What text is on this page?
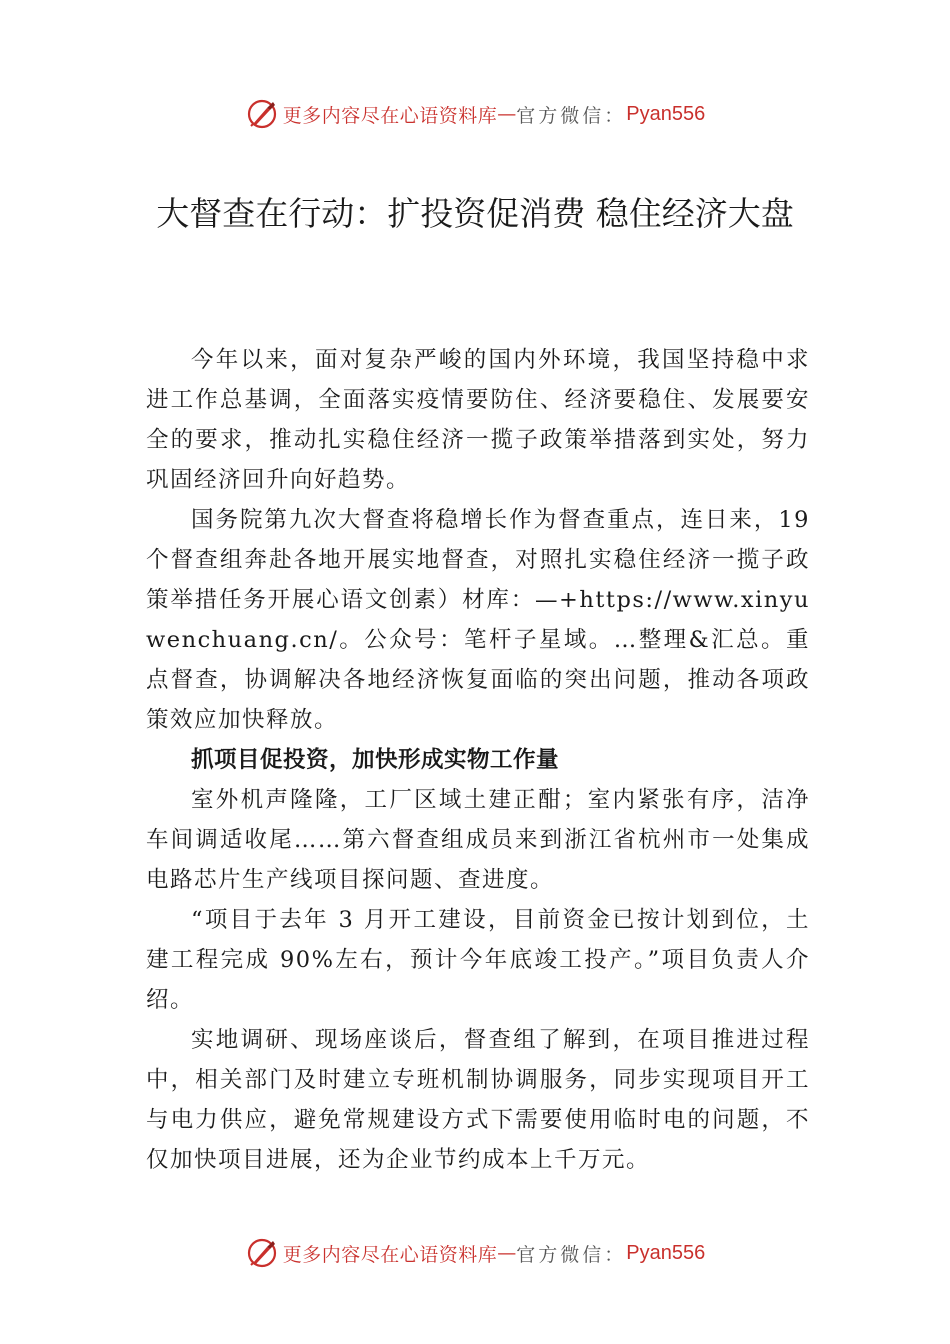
更多内容尽在心语资料库 — 官方微信： Pyan556
大督查在行动：扩投资促消费 稳住经济大盘

今年以来，面对复杂严峻的国内外环境，我国坚持稳中求进工作总基调，全面落实疫情要防住、经济要稳住、发展要安全的要求，推动扎实稳住经济一揽子政策举措落到实处，努力巩固经济回升向好趋势。

国务院第九次大督查将稳增长作为督查重点，连日来，19 个督查组奔赴各地开展实地督查，对照扎实稳住经济一揽子政策举措任务开展心语文创素）材库：—+https://www.xinyuwenchuang.cn/。公众号：笔杆子星域。…整理&汇总。重点督查，协调解决各地经济恢复面临的突出问题，推动各项政策效应加快释放。

抓项目促投资，加快形成实物工作量

室外机声隆隆，工厂区域土建正酣；室内紧张有序，洁净车间调适收尾……第六督查组成员来到浙江省杭州市一处集成电路芯片生产线项目探问题、查进度。

“项目于去年 3 月开工建设，目前资金已按计划到位，土建工程完成 90%左右，预计今年底竣工投产。”项目负责人介绍。

实地调研、现场座谈后，督查组了解到，在项目推进过程中，相关部门及时建立专班机制协调服务，同步实现项目开工与电力供应，避免常规建设方式下需要使用临时电的问题，不仅加快项目进展，还为企业节约成本上千万元。

更多内容尽在心语资料库 — 官方微信： Pyan556
